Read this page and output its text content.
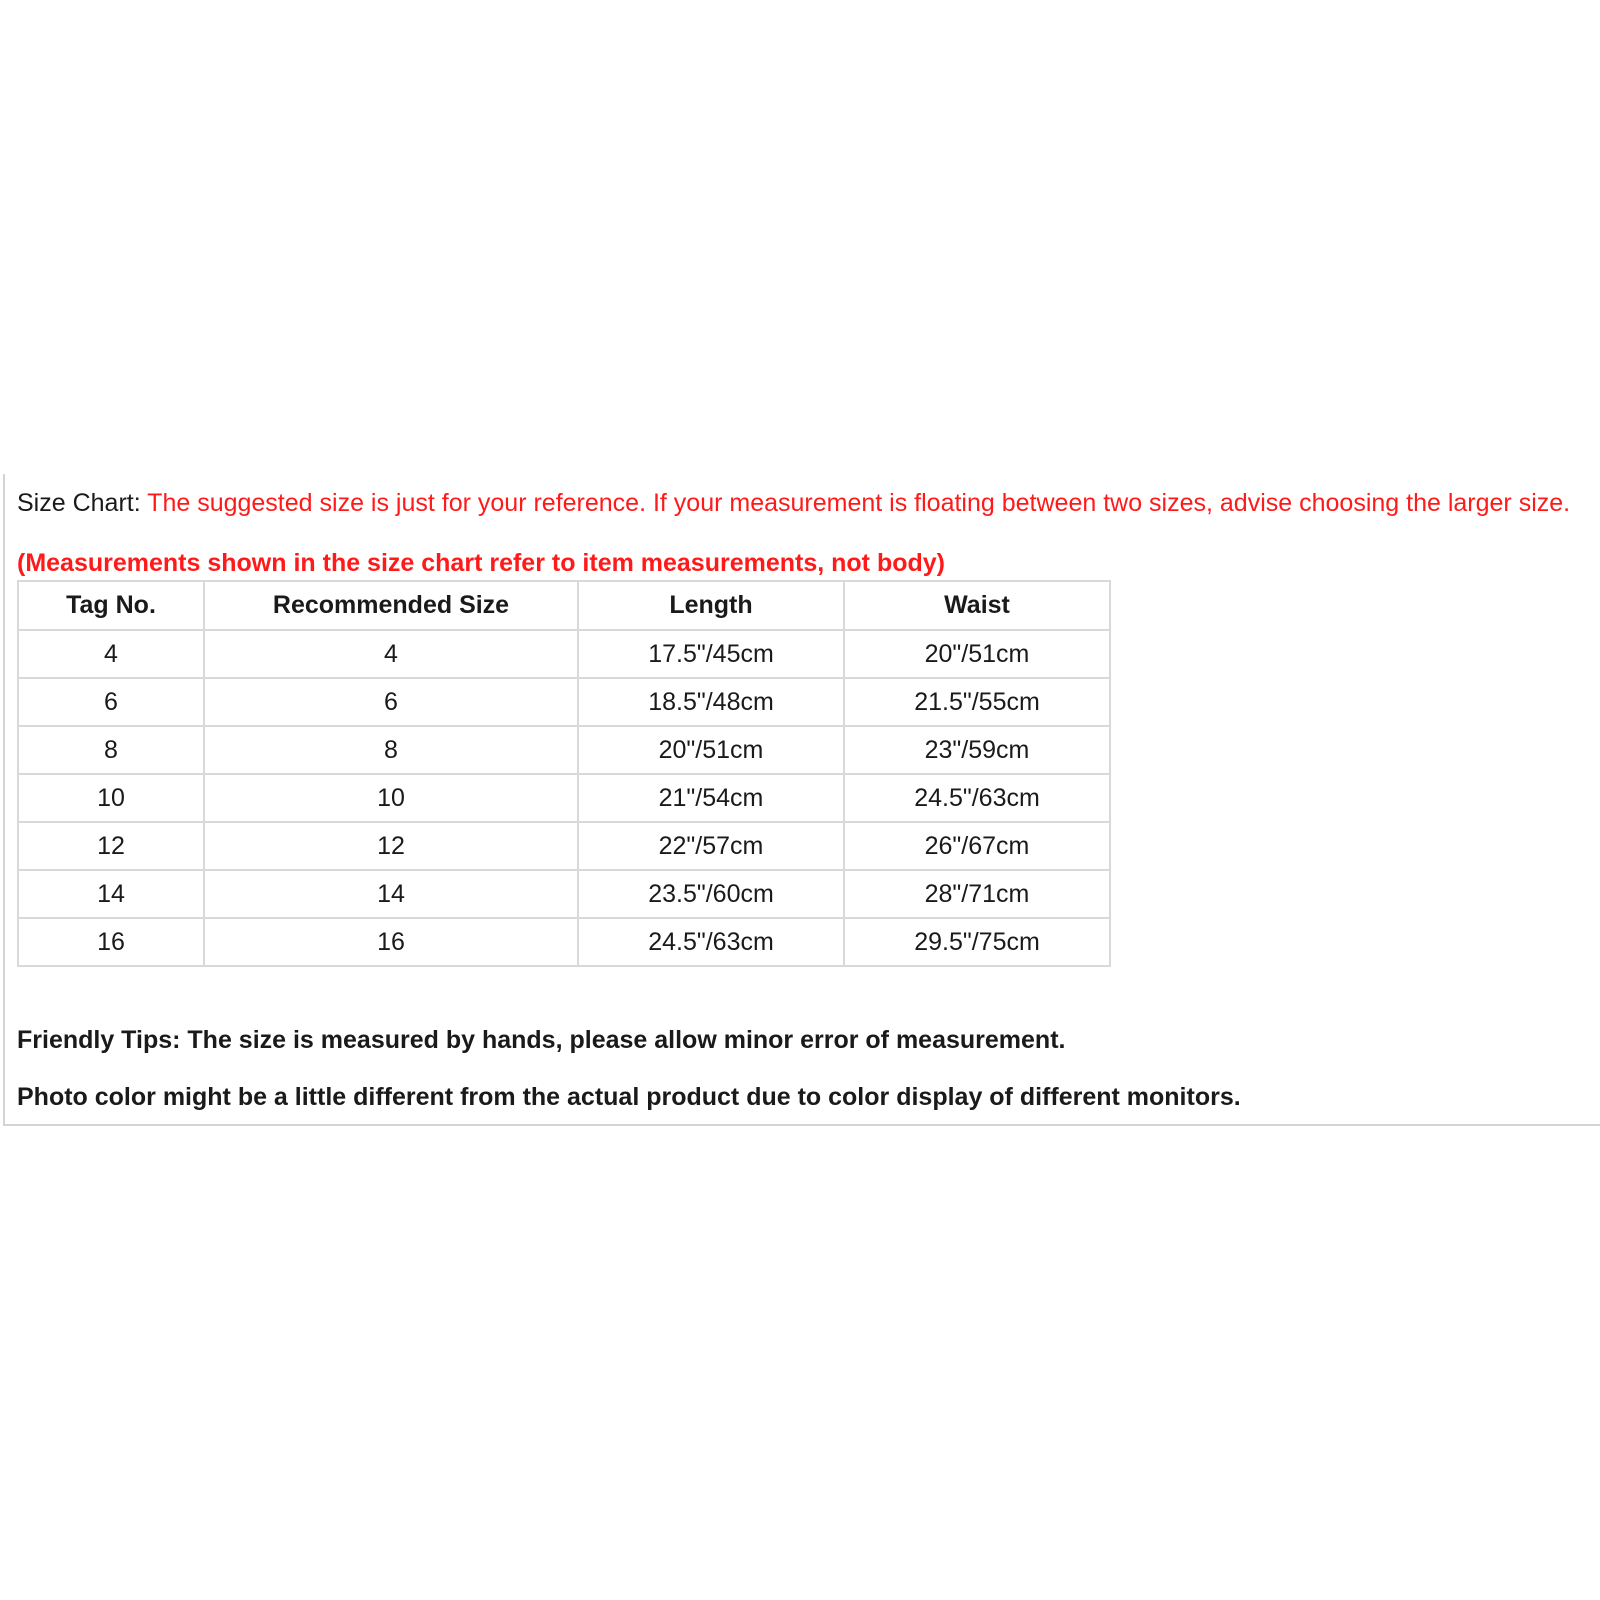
Size Chart: The suggested size is just for your reference. If your measurement is floating between two sizes, advise choosing the larger size.
(Measurements shown in the size chart refer to item measurements, not body)
Tag No.	Recommended Size	Length	Waist
4	4	17.5"/45cm	20"/51cm
6	6	18.5"/48cm	21.5"/55cm
8	8	20"/51cm	23"/59cm
10	10	21"/54cm	24.5"/63cm
12	12	22"/57cm	26"/67cm
14	14	23.5"/60cm	28"/71cm
16	16	24.5"/63cm	29.5"/75cm
Friendly Tips: The size is measured by hands, please allow minor error of measurement.
Photo color might be a little different from the actual product due to color display of different monitors.
